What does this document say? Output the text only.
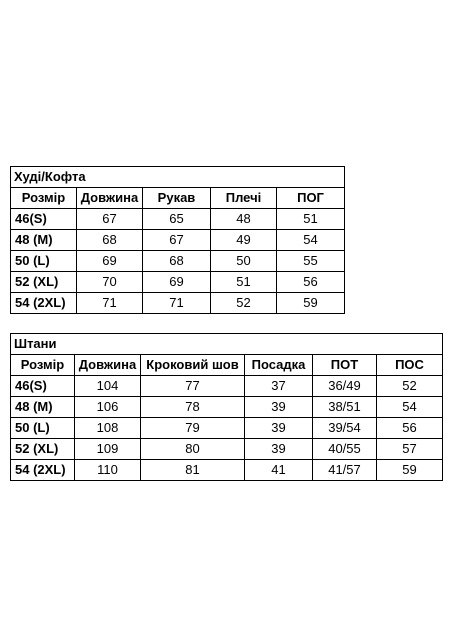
Худі/Кофта				
Розмір	Довжина	Рукав	Плечі	ПОГ
46(S)	67	65	48	51
48 (M)	68	67	49	54
50 (L)	69	68	50	55
52 (XL)	70	69	51	56
54 (2XL)	71	71	52	59
Штани					
Розмір	Довжина	Кроковий шов	Посадка	ПОТ	ПОС
46(S)	104	77	37	36/49	52
48 (M)	106	78	39	38/51	54
50 (L)	108	79	39	39/54	56
52 (XL)	109	80	39	40/55	57
54 (2XL)	110	81	41	41/57	59
